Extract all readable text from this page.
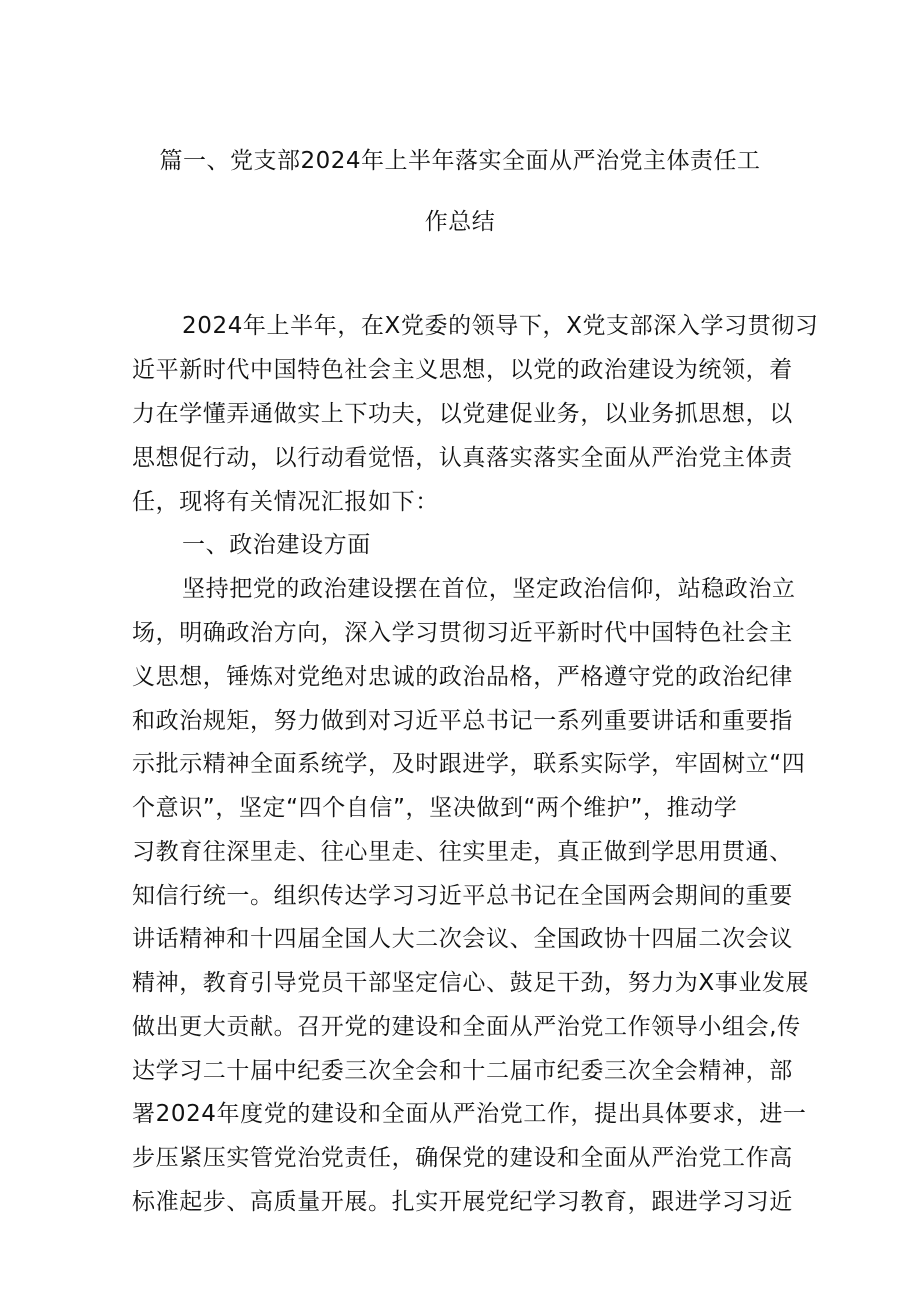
篇一、党支部2024年上半年落实全面从严治党主体责任工
作总结
2024年上半年，在X党委的领导下，X党支部深入学习贯彻习
近平新时代中国特色社会主义思想，以党的政治建设为统领，着
力在学懂弄通做实上下功夫，以党建促业务，以业务抓思想，以
思想促行动，以行动看觉悟，认真落实落实全面从严治党主体责
任，现将有关情况汇报如下：
一、政治建设方面
坚持把党的政治建设摆在首位，坚定政治信仰，站稳政治立
场，明确政治方向，深入学习贯彻习近平新时代中国特色社会主
义思想，锤炼对党绝对忠诚的政治品格，严格遵守党的政治纪律
和政治规矩，努力做到对习近平总书记一系列重要讲话和重要指
示批示精神全面系统学，及时跟进学，联系实际学，牢固树立“四
个意识”，坚定“四个自信”，坚决做到“两个维护”，推动学
习教育往深里走、往心里走、往实里走，真正做到学思用贯通、
知信行统一。组织传达学习习近平总书记在全国两会期间的重要
讲话精神和十四届全国人大二次会议、全国政协十四届二次会议
精神，教育引导党员干部坚定信心、鼓足干劲，努力为X事业发展
做出更大贡献。召开党的建设和全面从严治党工作领导小组会,传
达学习二十届中纪委三次全会和十二届市纪委三次全会精神，部
署2024年度党的建设和全面从严治党工作，提出具体要求，进一
步压紧压实管党治党责任，确保党的建设和全面从严治党工作高
标准起步、高质量开展。扎实开展党纪学习教育，跟进学习习近
